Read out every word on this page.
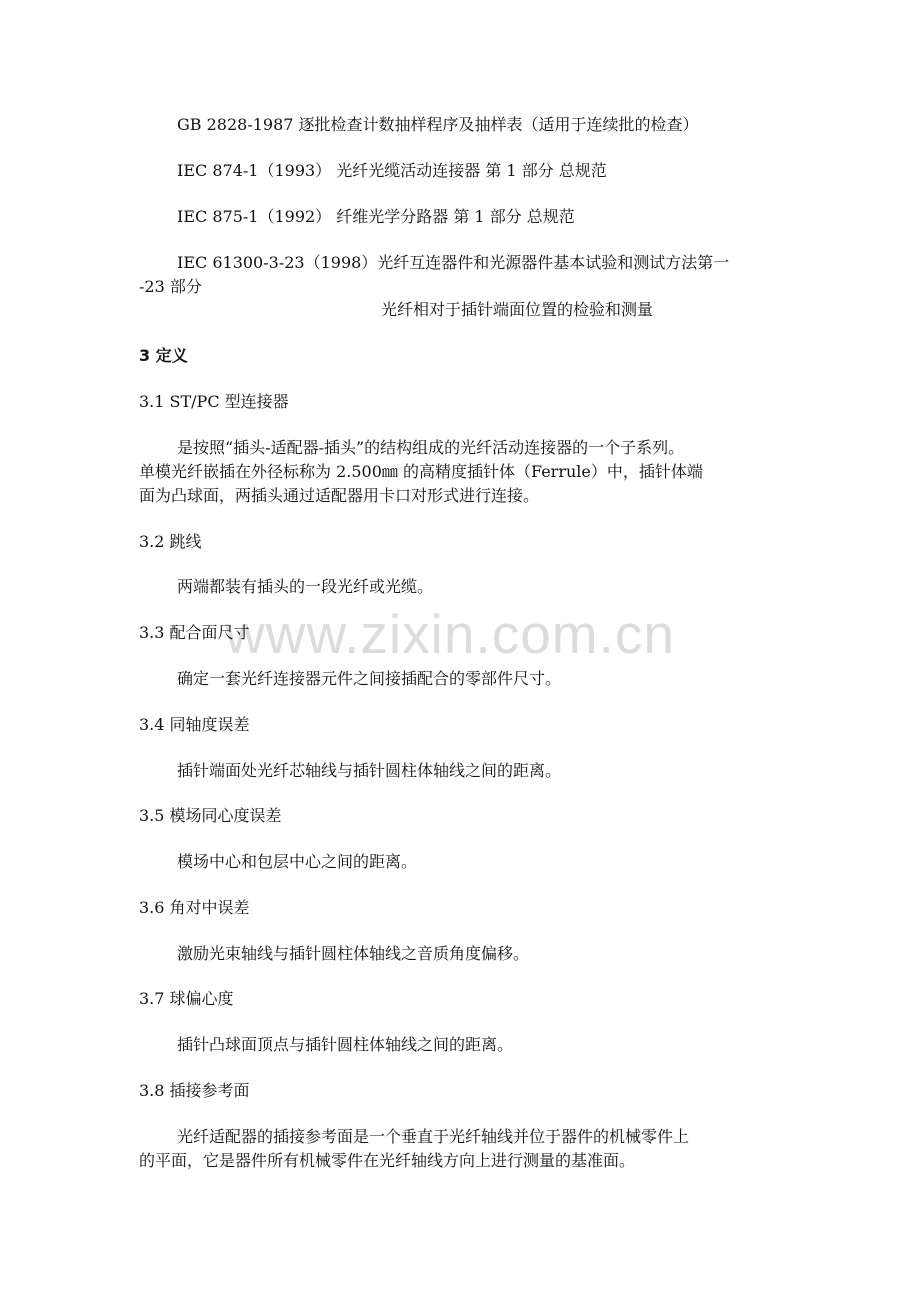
www.zixin.com.cn
GB 2828-1987 逐批检查计数抽样程序及抽样表（适用于连续批的检查）
IEC 874-1（1993） 光纤光缆活动连接器 第 1 部分 总规范
IEC 875-1（1992） 纤维光学分路器 第 1 部分 总规范
IEC 61300-3-23（1998）光纤互连器件和光源器件基本试验和测试方法第一
-23 部分
光纤相对于插针端面位置的检验和测量
3 定义
3.1 ST/PC 型连接器
是按照“插头-适配器-插头”的结构组成的光纤活动连接器的一个子系列。
单模光纤嵌插在外径标称为 2.500㎜ 的高精度插针体（Ferrule）中，插针体端
面为凸球面，两插头通过适配器用卡口对形式进行连接。
3.2 跳线
两端都装有插头的一段光纤或光缆。
3.3 配合面尺寸
确定一套光纤连接器元件之间接插配合的零部件尺寸。
3.4 同轴度误差
插针端面处光纤芯轴线与插针圆柱体轴线之间的距离。
3.5 模场同心度误差
模场中心和包层中心之间的距离。
3.6 角对中误差
激励光束轴线与插针圆柱体轴线之音质角度偏移。
3.7 球偏心度
插针凸球面顶点与插针圆柱体轴线之间的距离。
3.8 插接参考面
光纤适配器的插接参考面是一个垂直于光纤轴线并位于器件的机械零件上
的平面，它是器件所有机械零件在光纤轴线方向上进行测量的基准面。
